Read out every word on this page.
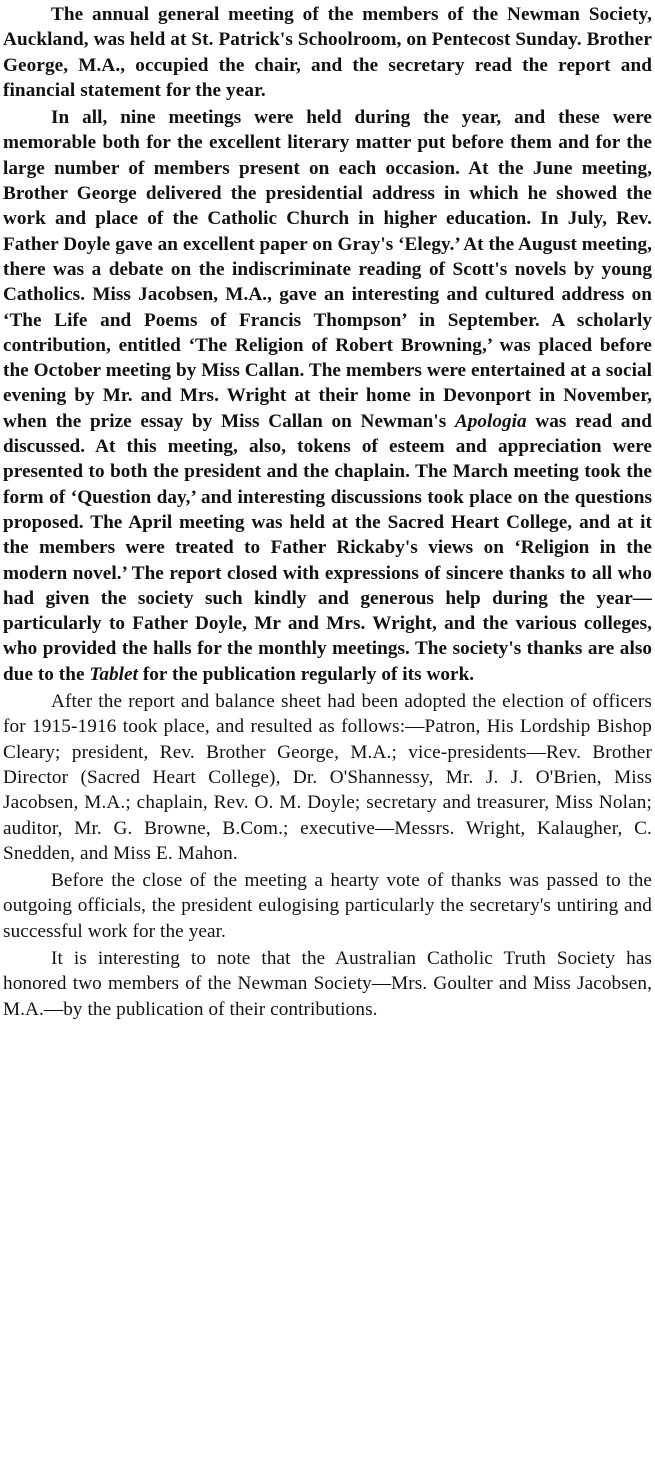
The annual general meeting of the members of the Newman Society, Auckland, was held at St. Patrick's Schoolroom, on Pentecost Sunday. Brother George, M.A., occupied the chair, and the secretary read the report and financial statement for the year.

In all, nine meetings were held during the year, and these were memorable both for the excellent literary matter put before them and for the large number of members present on each occasion. At the June meeting, Brother George delivered the presidential address in which he showed the work and place of the Catholic Church in higher education. In July, Rev. Father Doyle gave an excellent paper on Gray's ‘Elegy.’ At the August meeting, there was a debate on the indiscriminate reading of Scott's novels by young Catholics. Miss Jacobsen, M.A., gave an interesting and cultured address on ‘The Life and Poems of Francis Thompson’ in September. A scholarly contribution, entitled ‘The Religion of Robert Browning,’ was placed before the October meeting by Miss Callan. The members were entertained at a social evening by Mr. and Mrs. Wright at their home in Devonport in November, when the prize essay by Miss Callan on Newman's Apologia was read and discussed. At this meeting, also, tokens of esteem and appreciation were presented to both the president and the chaplain. The March meeting took the form of ‘Question day,’ and interesting discussions took place on the questions proposed. The April meeting was held at the Sacred Heart College, and at it the members were treated to Father Rickaby's views on ‘Religion in the modern novel.’ The report closed with expressions of sincere thanks to all who had given the society such kindly and generous help during the year—particularly to Father Doyle, Mr and Mrs. Wright, and the various colleges, who provided the halls for the monthly meetings. The society's thanks are also due to the Tablet for the publication regularly of its work.

After the report and balance sheet had been adopted the election of officers for 1915-1916 took place, and resulted as follows:—Patron, His Lordship Bishop Cleary; president, Rev. Brother George, M.A.; vice-presidents—Rev. Brother Director (Sacred Heart College), Dr. O'Shannessy, Mr. J. J. O'Brien, Miss Jacobsen, M.A.; chaplain, Rev. O. M. Doyle; secretary and treasurer, Miss Nolan; auditor, Mr. G. Browne, B.Com.; executive—Messrs. Wright, Kalaugher, C. Snedden, and Miss E. Mahon.

Before the close of the meeting a hearty vote of thanks was passed to the outgoing officials, the president eulogising particularly the secretary's untiring and successful work for the year.

It is interesting to note that the Australian Catholic Truth Society has honored two members of the Newman Society—Mrs. Goulter and Miss Jacobsen, M.A.—by the publication of their contributions.
